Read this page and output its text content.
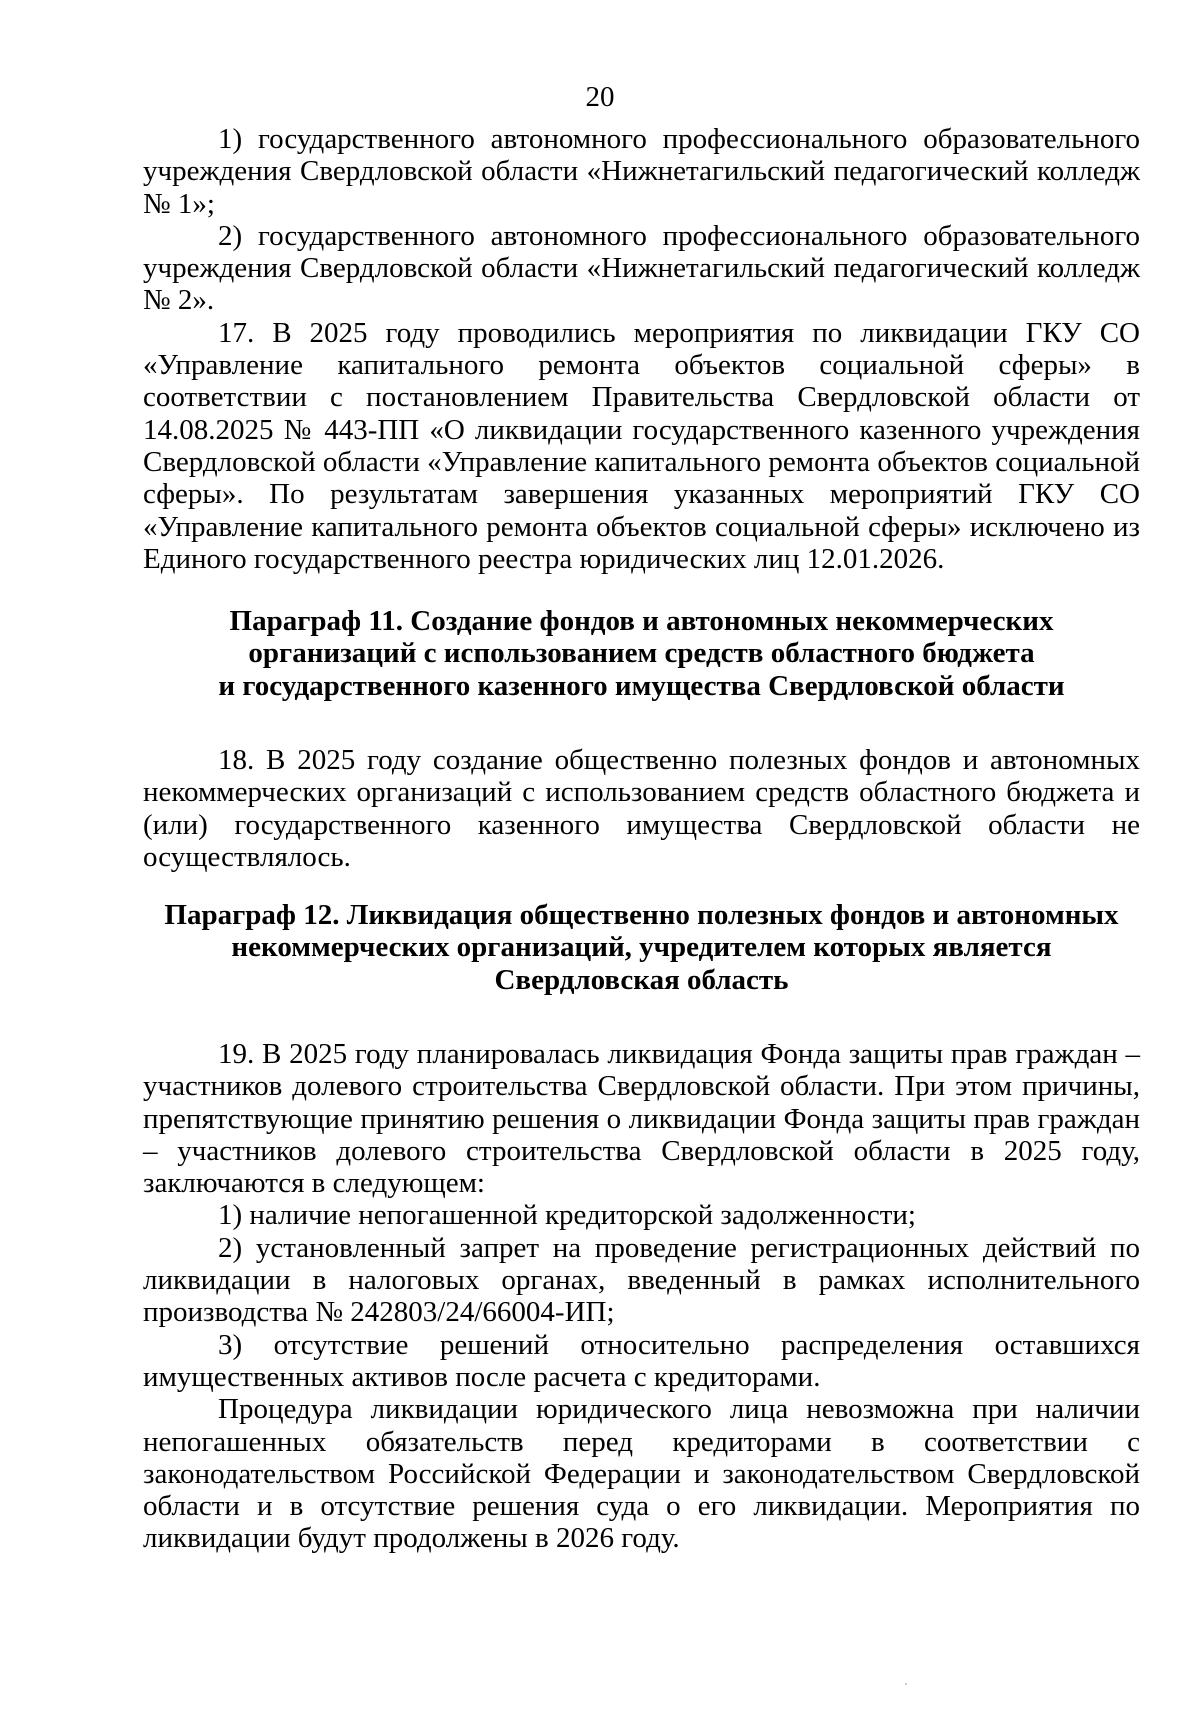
20

1) государственного автономного профессионального образовательного учреждения Свердловской области «Нижнетагильский педагогический колледж № 1»;

2) государственного автономного профессионального образовательного учреждения Свердловской области «Нижнетагильский педагогический колледж № 2».

17. В 2025 году проводились мероприятия по ликвидации ГКУ СО «Управление капитального ремонта объектов социальной сферы» в соответствии с постановлением Правительства Свердловской области от 14.08.2025 № 443-ПП «О ликвидации государственного казенного учреждения Свердловской области «Управление капитального ремонта объектов социальной сферы». По результатам завершения указанных мероприятий ГКУ СО «Управление капитального ремонта объектов социальной сферы» исключено из Единого государственного реестра юридических лиц 12.01.2026.

Параграф 11. Создание фондов и автономных некоммерческих
организаций с использованием средств областного бюджета
и государственного казенного имущества Свердловской области

18. В 2025 году создание общественно полезных фондов и автономных некоммерческих организаций с использованием средств областного бюджета и (или) государственного казенного имущества Свердловской области не осуществлялось.

Параграф 12. Ликвидация общественно полезных фондов и автономных
некоммерческих организаций, учредителем которых является
Свердловская область

19. В 2025 году планировалась ликвидация Фонда защиты прав граждан – участников долевого строительства Свердловской области. При этом причины, препятствующие принятию решения о ликвидации Фонда защиты прав граждан – участников долевого строительства Свердловской области в 2025 году, заключаются в следующем:

1) наличие непогашенной кредиторской задолженности;

2) установленный запрет на проведение регистрационных действий по ликвидации в налоговых органах, введенный в рамках исполнительного производства № 242803/24/66004-ИП;

3) отсутствие решений относительно распределения оставшихся имущественных активов после расчета с кредиторами.

Процедура ликвидации юридического лица невозможна при наличии непогашенных обязательств перед кредиторами в соответствии с законодательством Российской Федерации и законодательством Свердловской области и в отсутствие решения суда о его ликвидации. Мероприятия по ликвидации будут продолжены в 2026 году.
